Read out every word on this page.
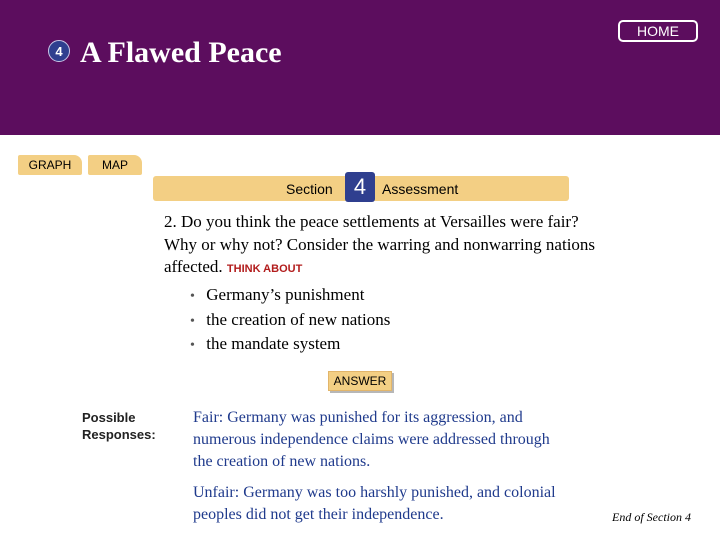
4 A Flawed Peace
HOME
GRAPH	MAP
Section 4	Assessment
2. Do you think the peace settlements at Versailles were fair? Why or why not? Consider the warring and nonwarring nations affected. THINK ABOUT
• Germany’s punishment
• the creation of new nations
• the mandate system
ANSWER
Possible
Responses:
Fair: Germany was punished for its aggression, and numerous independence claims were addressed through the creation of new nations.
Unfair: Germany was too harshly punished, and colonial peoples did not get their independence.	End of Section 4
